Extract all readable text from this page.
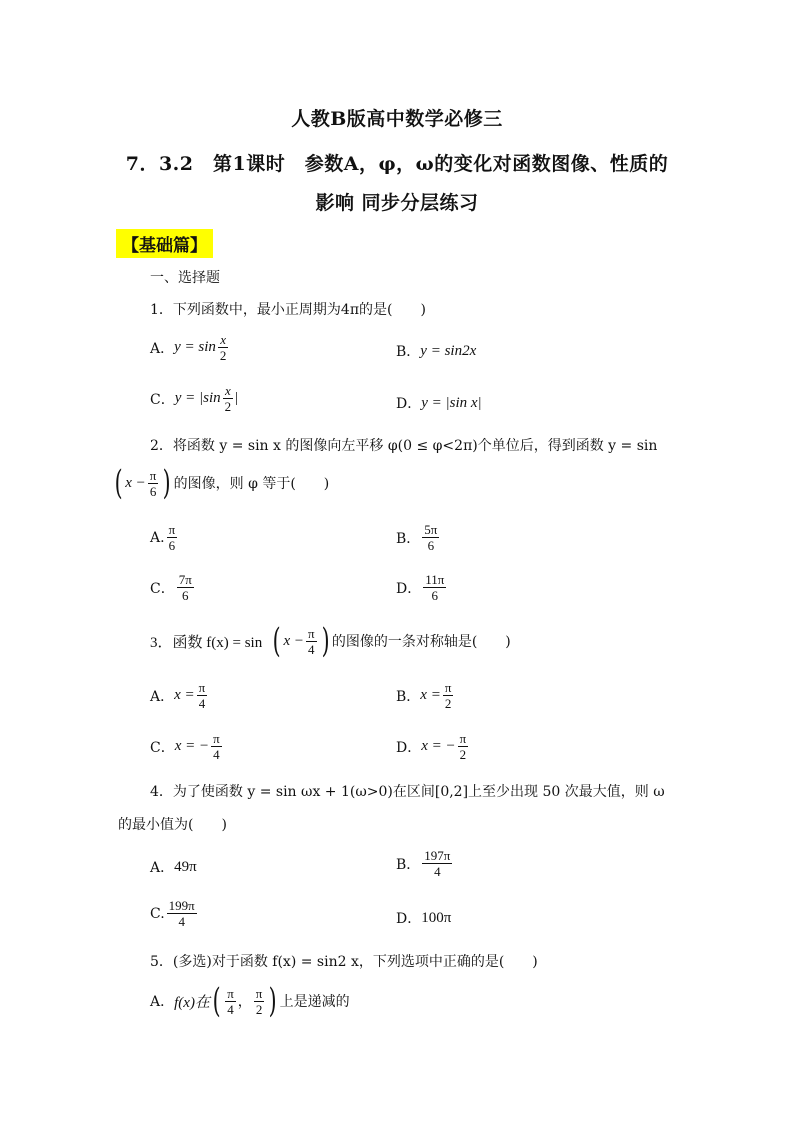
人教B版高中数学必修三
7．3.2　第1课时　参数A，φ，ω的变化对函数图像、性质的
影响 同步分层练习
【基础篇】
一、选择题
1．下列函数中，最小正周期为4π的是(　　)
A． $y = \sin \frac{x}{2}$	B． y = sin2x
C． $y = |\sin \frac{x}{2}$ |	D． y = |sin x|
2．将函数 y = sin x 的图像向左平移 φ(0 ≤ φ<2π)个单位后，得到函数 y = sin
( $x - \frac{\pi}{6}$ ) 的图像，则 φ 等于(　　)
A. $\frac{\pi}{6}$	B． $\frac{5\pi}{6}$
C． $\frac{7\pi}{6}$	D． $\frac{11\pi}{6}$
3．函数 f(x) = sin ( $x - \frac{\pi}{4}$ ) 的图像的一条对称轴是(　　)
A． $x = \frac{\pi}{4}$	B． $x = \frac{\pi}{2}$
C． x = − $\frac{\pi}{4}$	D． x = − $\frac{\pi}{2}$
4．为了使函数 y = sin ωx + 1(ω>0)在区间[0,2]上至少出现 50 次最大值，则 ω
的最小值为(　　)
A． 49π	B． $\frac{197\pi}{4}$
C. $\frac{199\pi}{4}$	D． 100π
5．(多选)对于函数 f(x) = sin2 x，下列选项中正确的是(　　)
A． f(x)在 ( $\frac{\pi}{4}$ ， $\frac{\pi}{2}$ ) 上是递减的
